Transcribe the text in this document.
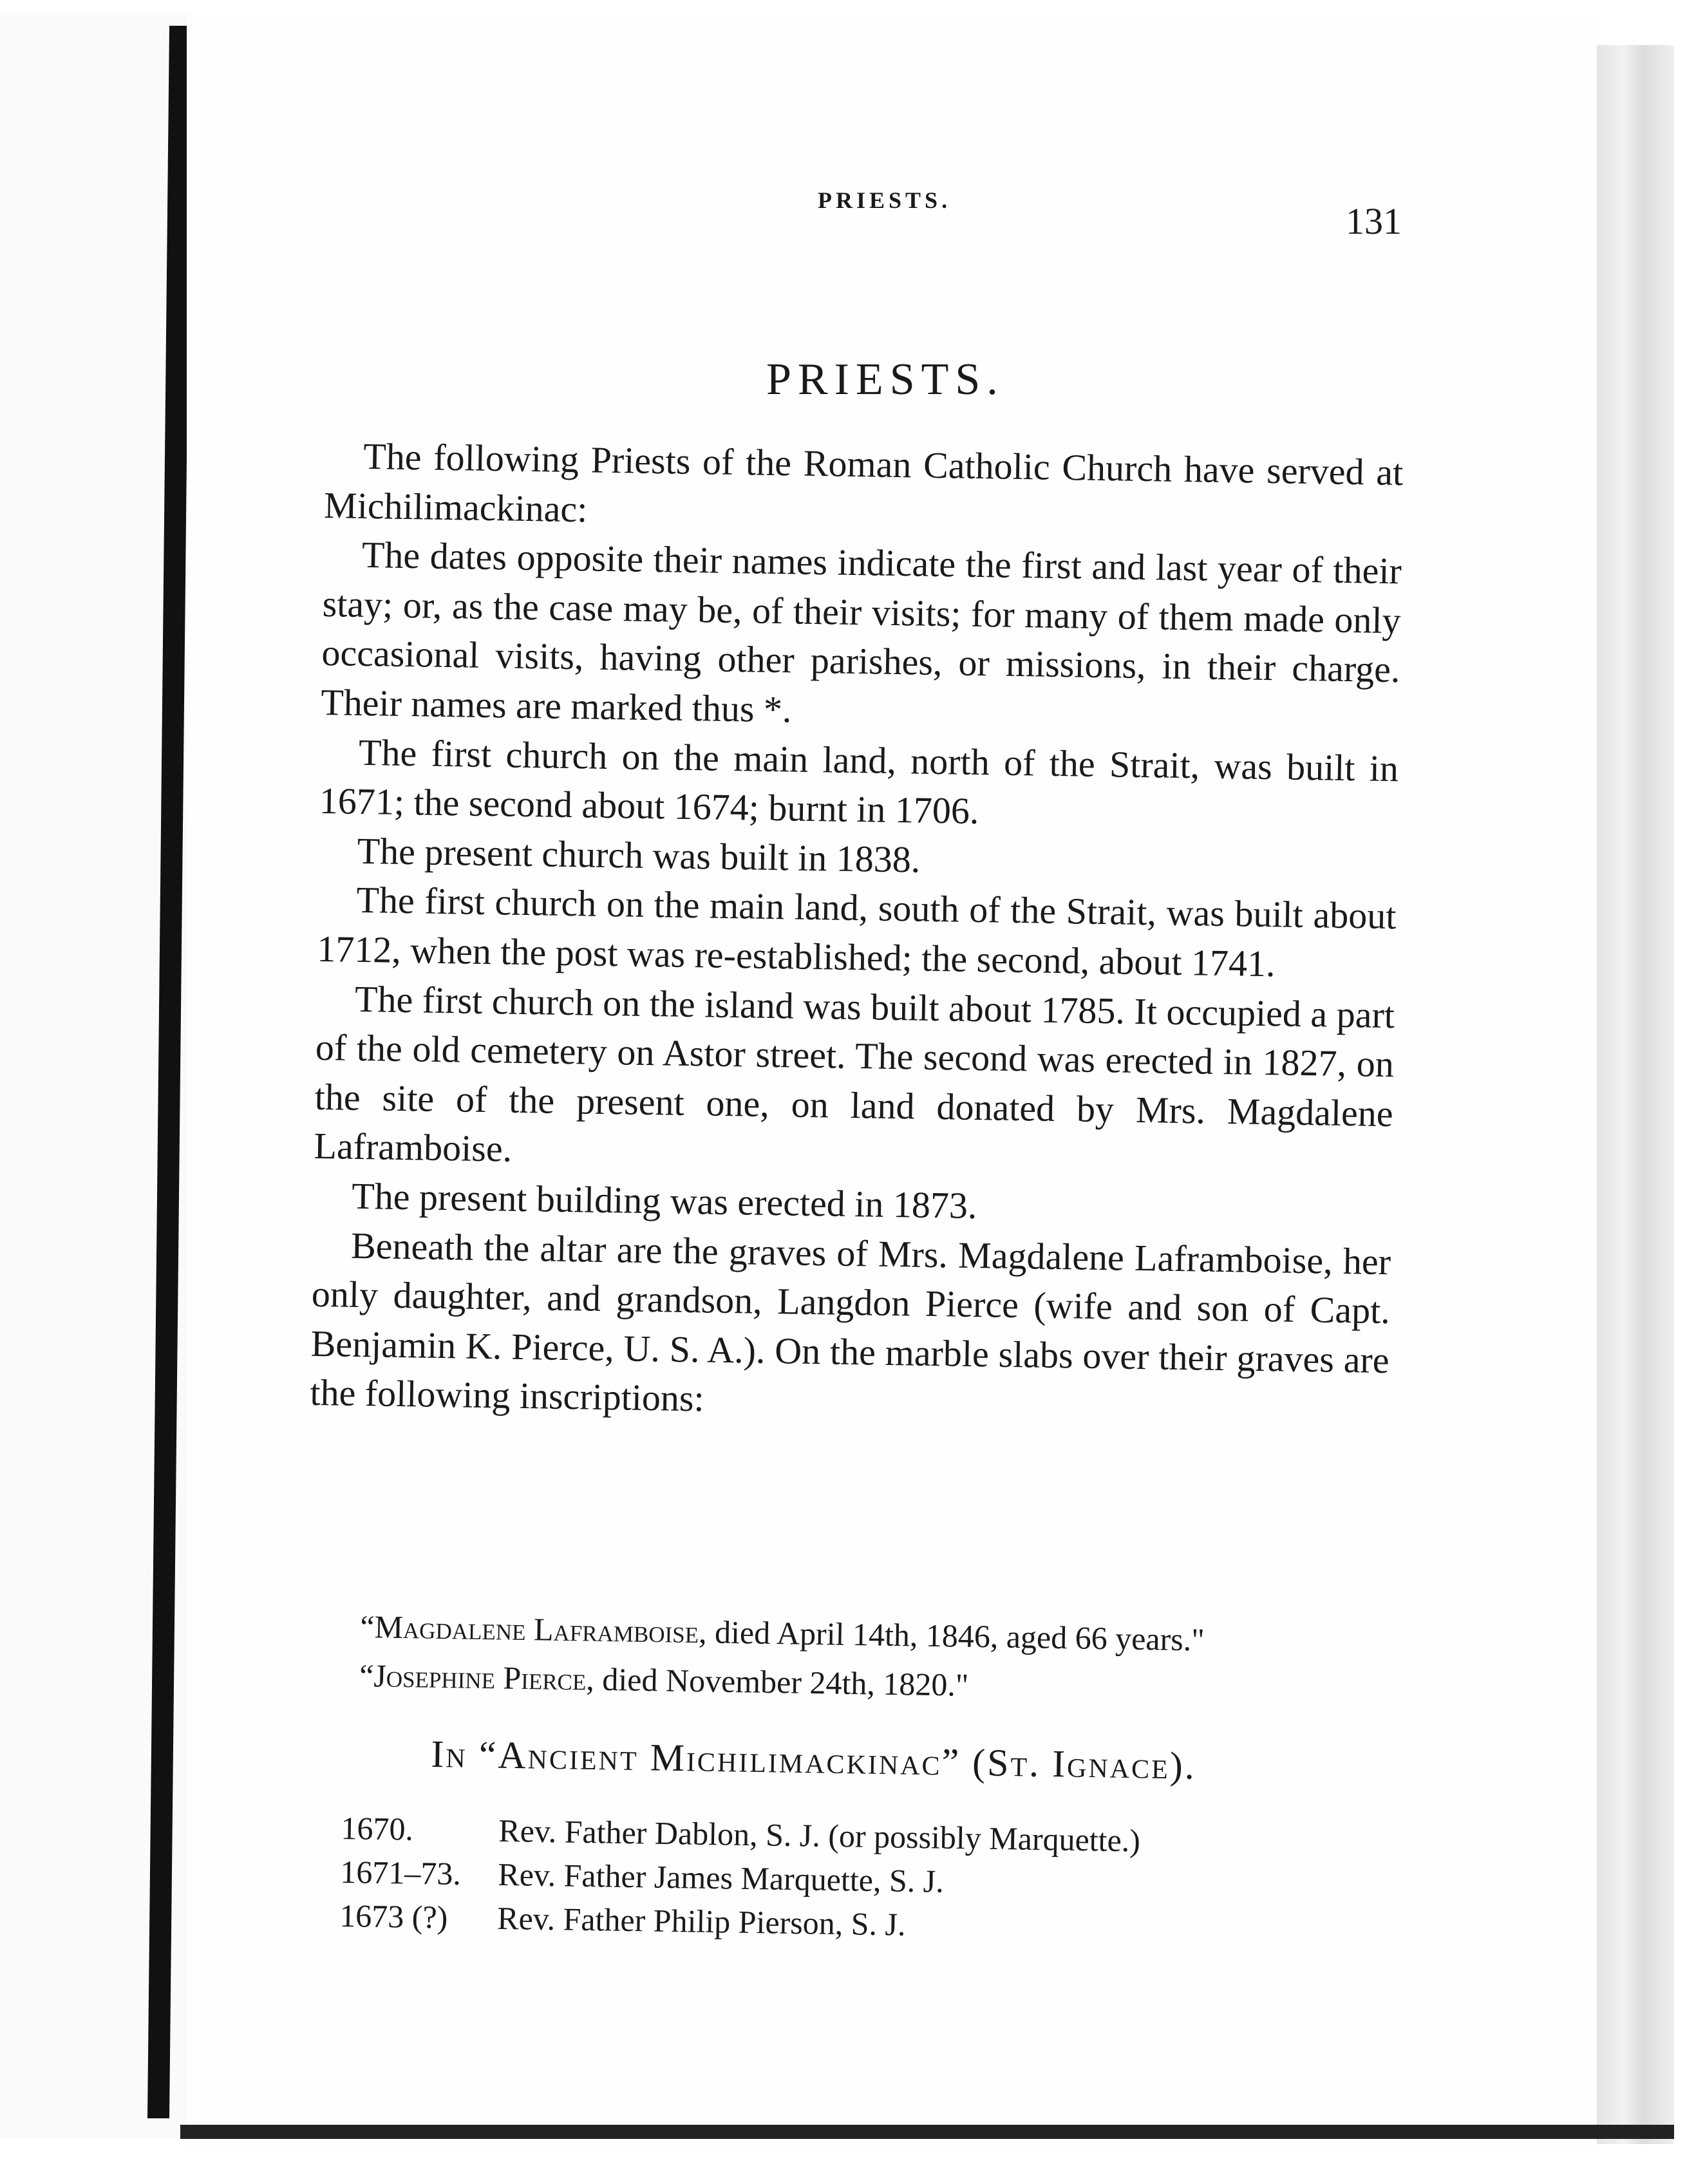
PRIESTS.	131
PRIESTS.

The following Priests of the Roman Catholic Church have served at Michilimackinac:

The dates opposite their names indicate the first and last year of their stay; or, as the case may be, of their visits; for many of them made only occasional visits, having other parishes, or missions, in their charge. Their names are marked thus *.

The first church on the main land, north of the Strait, was built in 1671; the second about 1674; burnt in 1706.

The present church was built in 1838.

The first church on the main land, south of the Strait, was built about 1712, when the post was re-established; the second, about 1741.

The first church on the island was built about 1785. It occupied a part of the old cemetery on Astor street. The second was erected in 1827, on the site of the present one, on land donated by Mrs. Magdalene Laframboise.

The present building was erected in 1873.

Beneath the altar are the graves of Mrs. Magdalene Laframboise, her only daughter, and grandson, Langdon Pierce (wife and son of Capt. Benjamin K. Pierce, U. S. A.). On the marble slabs over their graves are the following inscriptions:

“Magdalene Laframboise, died April 14th, 1846, aged 66 years."

“Josephine Pierce, died November 24th, 1820."

In “Ancient Michilimackinac” (St. Ignace).
1670.	Rev. Father Dablon, S. J. (or possibly Marquette.)
1671–73.	Rev. Father James Marquette, S. J.
1673 (?)	Rev. Father Philip Pierson, S. J.
